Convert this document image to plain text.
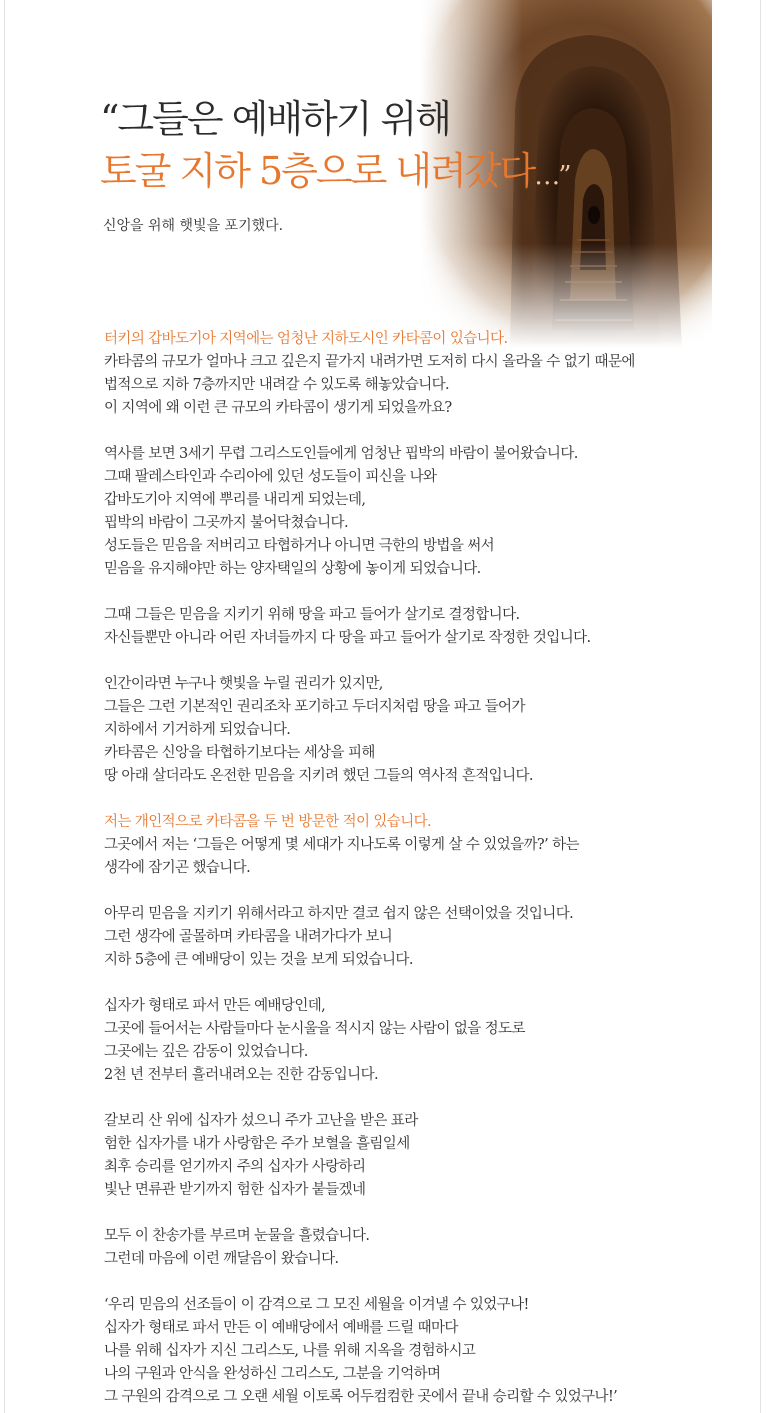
“그들은 예배하기 위해
토굴 지하 5층으로 내려갔다…”
신앙을 위해 햇빛을 포기했다.

터키의 갑바도기아 지역에는 엄청난 지하도시인 카타콤이 있습니다.

카타콤의 규모가 얼마나 크고 깊은지 끝가지 내려가면 도저히 다시 올라올 수 없기 때문에

법적으로 지하 7층까지만 내려갈 수 있도록 해놓았습니다.

이 지역에 왜 이런 큰 규모의 카타콤이 생기게 되었을까요?

역사를 보면 3세기 무렵 그리스도인들에게 엄청난 핍박의 바람이 불어왔습니다.

그때 팔레스타인과 수리아에 있던 성도들이 피신을 나와

갑바도기아 지역에 뿌리를 내리게 되었는데,

핍박의 바람이 그곳까지 불어닥쳤습니다.

성도들은 믿음을 저버리고 타협하거나 아니면 극한의 방법을 써서

믿음을 유지해야만 하는 양자택일의 상황에 놓이게 되었습니다.

그때 그들은 믿음을 지키기 위해 땅을 파고 들어가 살기로 결정합니다.

자신들뿐만 아니라 어린 자녀들까지 다 땅을 파고 들어가 살기로 작정한 것입니다.

인간이라면 누구나 햇빛을 누릴 권리가 있지만,

그들은 그런 기본적인 권리조차 포기하고 두더지처럼 땅을 파고 들어가

지하에서 기거하게 되었습니다.

카타콤은 신앙을 타협하기보다는 세상을 피해

땅 아래 살더라도 온전한 믿음을 지키려 했던 그들의 역사적 흔적입니다.

저는 개인적으로 카타콤을 두 번 방문한 적이 있습니다.

그곳에서 저는 ‘그들은 어떻게 몇 세대가 지나도록 이렇게 살 수 있었을까?’ 하는

생각에 잠기곤 했습니다.

아무리 믿음을 지키기 위해서라고 하지만 결코 쉽지 않은 선택이었을 것입니다.

그런 생각에 골몰하며 카타콤을 내려가다가 보니

지하 5층에 큰 예배당이 있는 것을 보게 되었습니다.

십자가 형태로 파서 만든 예배당인데,

그곳에 들어서는 사람들마다 눈시울을 적시지 않는 사람이 없을 정도로

그곳에는 깊은 감동이 있었습니다.

2천 년 전부터 흘러내려오는 진한 감동입니다.

갈보리 산 위에 십자가 섰으니 주가 고난을 받은 표라

험한 십자가를 내가 사랑함은 주가 보혈을 흘림일세

최후 승리를 얻기까지 주의 십자가 사랑하리

빛난 면류관 받기까지 험한 십자가 붙들겠네

모두 이 찬송가를 부르며 눈물을 흘렸습니다.

그런데 마음에 이런 깨달음이 왔습니다.

‘우리 믿음의 선조들이 이 감격으로 그 모진 세월을 이겨낼 수 있었구나!

십자가 형태로 파서 만든 이 예배당에서 예배를 드릴 때마다

나를 위해 십자가 지신 그리스도, 나를 위해 지옥을 경험하시고

나의 구원과 안식을 완성하신 그리스도, 그분을 기억하며

그 구원의 감격으로 그 오랜 세월 이토록 어두컴컴한 곳에서 끝내 승리할 수 있었구나!’
